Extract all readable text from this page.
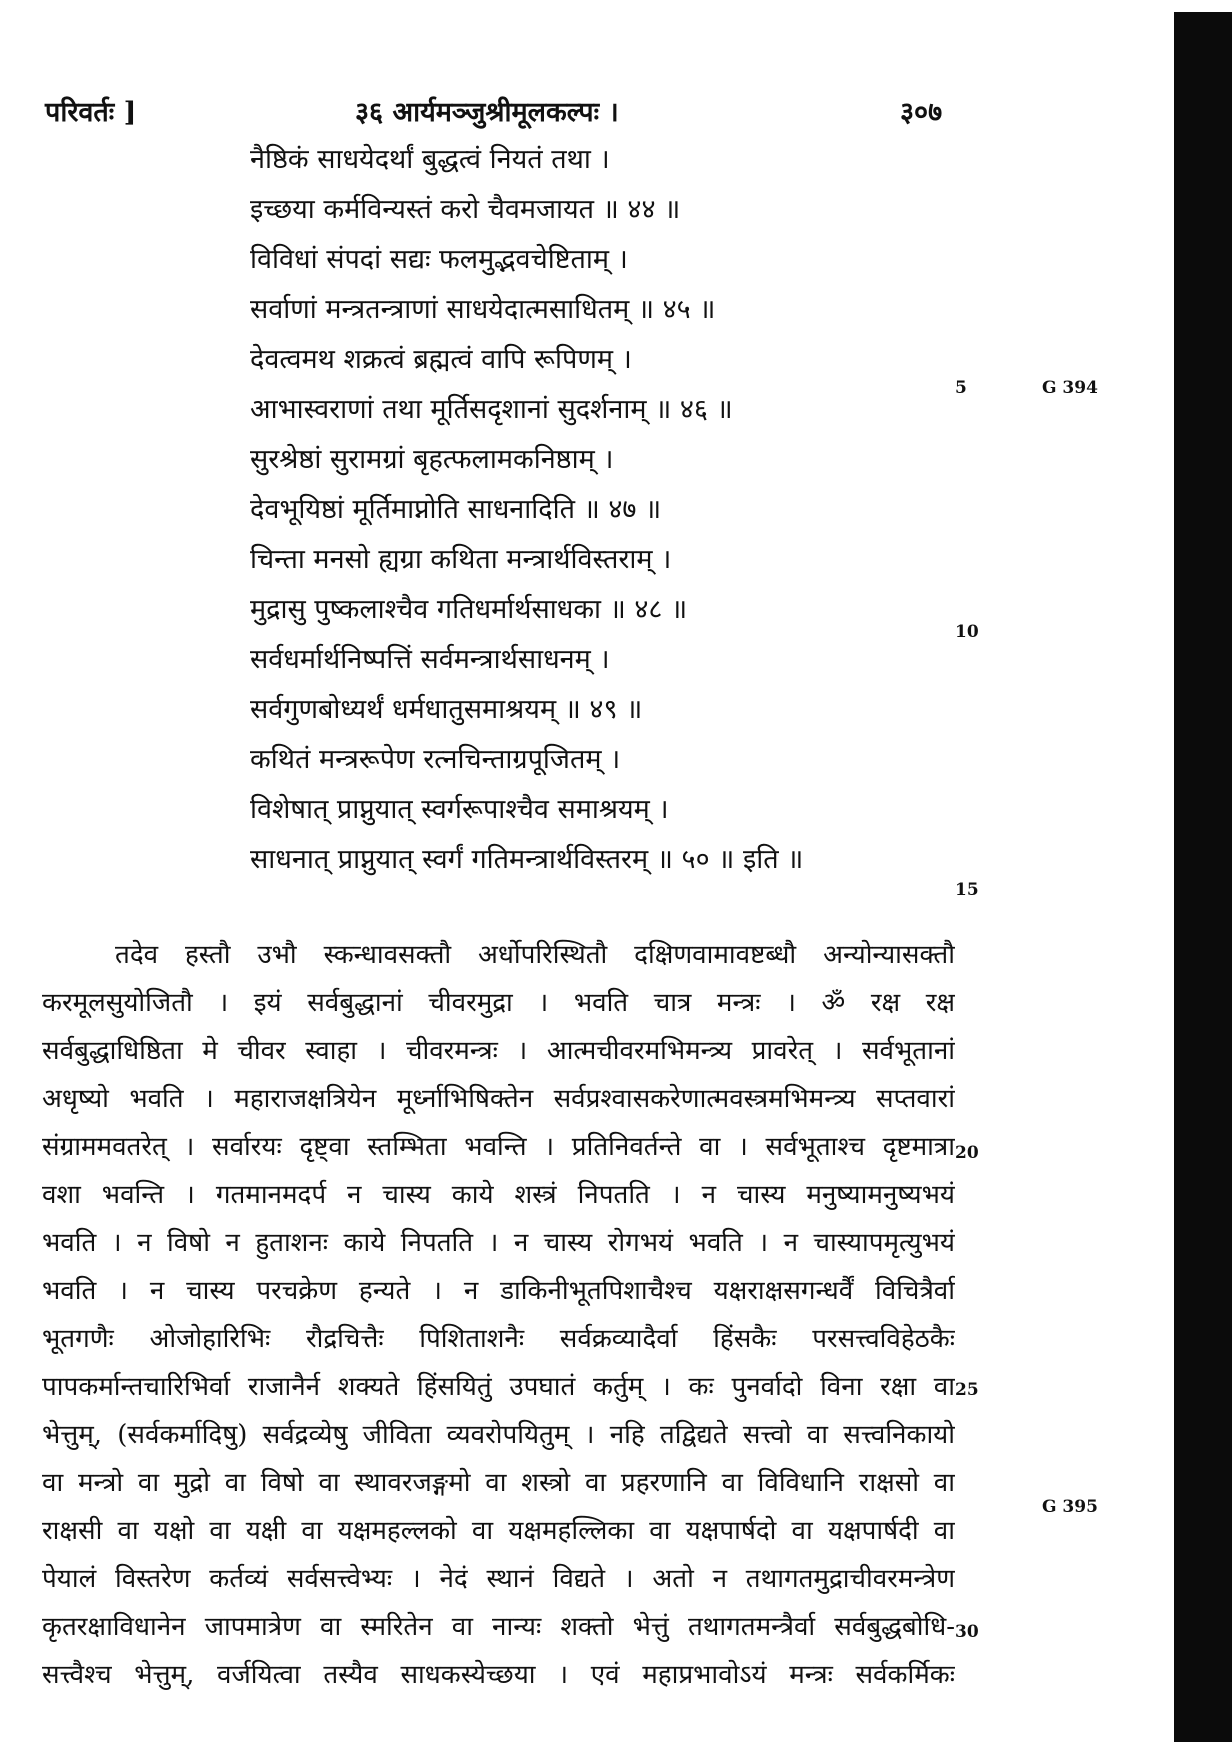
परिवर्तः ]	३६ आर्यमञ्जुश्रीमूलकल्पः ।	३०७
नैष्ठिकं साधयेदर्थां बुद्धत्वं नियतं तथा ।
इच्छया कर्मविन्यस्तं करो चैवमजायत ॥ ४४ ॥
विविधां संपदां सद्यः फलमुद्भवचेष्टिताम् ।
सर्वाणां मन्त्रतन्त्राणां साधयेदात्मसाधितम् ॥ ४५ ॥
देवत्वमथ शक्रत्वं ब्रह्मत्वं वापि रूपिणम् ।
आभास्वराणां तथा मूर्तिसदृशानां सुदर्शनाम् ॥ ४६ ॥
सुरश्रेष्ठां सुरामग्रां बृहत्फलामकनिष्ठाम् ।
देवभूयिष्ठां मूर्तिमाप्नोति साधनादिति ॥ ४७ ॥
चिन्ता मनसो ह्यग्रा कथिता मन्त्रार्थविस्तराम् ।
मुद्रासु पुष्कलाश्चैव गतिधर्मार्थसाधका ॥ ४८ ॥
सर्वधर्मार्थनिष्पत्तिं सर्वमन्त्रार्थसाधनम् ।
सर्वगुणबोध्यर्थं धर्मधातुसमाश्रयम् ॥ ४९ ॥
कथितं मन्त्ररूपेण रत्नचिन्ताग्रपूजितम् ।
विशेषात् प्राप्नुयात् स्वर्गरूपाश्चैव समाश्रयम् ।
साधनात् प्राप्नुयात् स्वर्गं गतिमन्त्रार्थविस्तरम् ॥ ५० ॥ इति ॥
5	G 394
10
15
20
25
G 395
30
तदेव हस्तौ उभौ स्कन्धावसक्तौ अर्धोपरिस्थितौ दक्षिणवामावष्टब्धौ अन्योन्यासक्तौ
करमूलसुयोजितौ । इयं सर्वबुद्धानां चीवरमुद्रा । भवति चात्र मन्त्रः । ॐ रक्ष रक्ष
सर्वबुद्धाधिष्ठिता मे चीवर स्वाहा । चीवरमन्त्रः । आत्मचीवरमभिमन्त्र्य प्रावरेत् । सर्वभूतानां
अधृष्यो भवति । महाराजक्षत्रियेन मूर्ध्नाभिषिक्तेन सर्वप्रश्वासकरेणात्मवस्त्रमभिमन्त्र्य सप्तवारां
संग्राममवतरेत् । सर्वारयः दृष्ट्वा स्तम्भिता भवन्ति । प्रतिनिवर्तन्ते वा । सर्वभूताश्च दृष्टमात्रा
वशा भवन्ति । गतमानमदर्प न चास्य काये शस्त्रं निपतति । न चास्य मनुष्यामनुष्यभयं
भवति । न विषो न हुताशनः काये निपतति । न चास्य रोगभयं भवति । न चास्यापमृत्युभयं
भवति । न चास्य परचक्रेण हन्यते । न डाकिनीभूतपिशाचैश्च यक्षराक्षसगन्धर्वैं विचित्रैर्वा
भूतगणैः ओजोहारिभिः रौद्रचित्तैः पिशिताशनैः सर्वक्रव्यादैर्वा हिंसकैः परसत्त्वविहेठकैः
पापकर्मान्तचारिभिर्वा राजानैर्न शक्यते हिंसयितुं उपघातं कर्तुम् । कः पुनर्वादो विना रक्षा वा
भेत्तुम्, (सर्वकर्मादिषु) सर्वद्रव्येषु जीविता व्यवरोपयितुम् । नहि तद्विद्यते सत्त्वो वा सत्त्वनिकायो
वा मन्त्रो वा मुद्रो वा विषो वा स्थावरजङ्गमो वा शस्त्रो वा प्रहरणानि वा विविधानि राक्षसो वा
राक्षसी वा यक्षो वा यक्षी वा यक्षमहल्लको वा यक्षमहल्लिका वा यक्षपार्षदो वा यक्षपार्षदी वा
पेयालं विस्तरेण कर्तव्यं सर्वसत्त्वेभ्यः । नेदं स्थानं विद्यते । अतो न तथागतमुद्राचीवरमन्त्रेण
कृतरक्षाविधानेन जापमात्रेण वा स्मरितेन वा नान्यः शक्तो भेत्तुं तथागतमन्त्रैर्वा सर्वबुद्धबोधि-
सत्त्वैश्च भेत्तुम्, वर्जयित्वा तस्यैव साधकस्येच्छया । एवं महाप्रभावोऽयं मन्त्रः सर्वकर्मिकः
